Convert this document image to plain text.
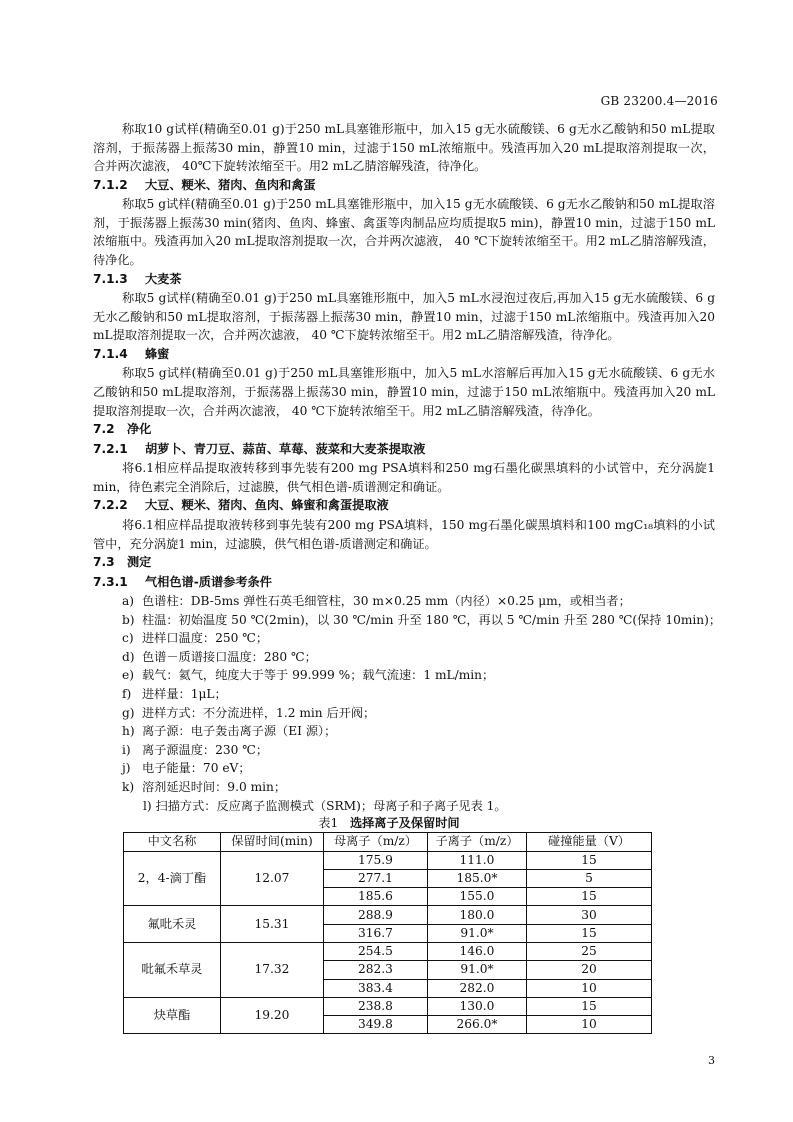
GB 23200.4—2016

称取10 g试样(精确至0.01 g)于250 mL具塞锥形瓶中，加入15 g无水硫酸镁、6 g无水乙酸钠和50 mL提取溶剂，于振荡器上振荡30 min，静置10 min，过滤于150 mL浓缩瓶中。残渣再加入20 mL提取溶剂提取一次，合并两次滤液， 40℃下旋转浓缩至干。用2 mL乙腈溶解残渣，待净化。

7.1.2 大豆、粳米、猪肉、鱼肉和禽蛋

称取5 g试样(精确至0.01 g)于250 mL具塞锥形瓶中，加入15 g无水硫酸镁、6 g无水乙酸钠和50 mL提取溶剂，于振荡器上振荡30 min(猪肉、鱼肉、蜂蜜、禽蛋等肉制品应均质提取5 min)，静置10 min，过滤于150 mL浓缩瓶中。残渣再加入20 mL提取溶剂提取一次，合并两次滤液， 40 ℃下旋转浓缩至干。用2 mL乙腈溶解残渣，待净化。

7.1.3 大麦茶

称取5 g试样(精确至0.01 g)于250 mL具塞锥形瓶中，加入5 mL水浸泡过夜后,再加入15 g无水硫酸镁、6 g无水乙酸钠和50 mL提取溶剂，于振荡器上振荡30 min，静置10 min，过滤于150 mL浓缩瓶中。残渣再加入20 mL提取溶剂提取一次，合并两次滤液， 40 ℃下旋转浓缩至干。用2 mL乙腈溶解残渣，待净化。

7.1.4 蜂蜜

称取5 g试样(精确至0.01 g)于250 mL具塞锥形瓶中，加入5 mL水溶解后再加入15 g无水硫酸镁、6 g无水乙酸钠和50 mL提取溶剂，于振荡器上振荡30 min，静置10 min，过滤于150 mL浓缩瓶中。残渣再加入20 mL提取溶剂提取一次，合并两次滤液， 40 ℃下旋转浓缩至干。用2 mL乙腈溶解残渣，待净化。

7.2 净化
7.2.1 胡萝卜、青刀豆、蒜苗、草莓、菠菜和大麦茶提取液

将6.1相应样品提取液转移到事先装有200 mg PSA填料和250 mg石墨化碳黑填料的小试管中，充分涡旋1 min，待色素完全消除后，过滤膜，供气相色谱-质谱测定和确证。

7.2.2 大豆、粳米、猪肉、鱼肉、蜂蜜和禽蛋提取液

将6.1相应样品提取液转移到事先装有200 mg PSA填料，150 mg石墨化碳黑填料和100 mgC₁₈填料的小试管中，充分涡旋1 min，过滤膜，供气相色谱-质谱测定和确证。

7.3 测定
7.3.1 气相色谱-质谱参考条件
a) 色谱柱：DB-5ms 弹性石英毛细管柱，30 m×0.25 mm（内径）×0.25 μm，或相当者；
b) 柱温：初始温度 50 ℃(2min)，以 30 ℃/min 升至 180 ℃，再以 5 ℃/min 升至 280 ℃(保持 10min)；
c) 进样口温度：250 ℃；
d) 色谱－质谱接口温度：280 ℃；
e) 载气：氦气，纯度大于等于 99.999 %；载气流速：1 mL/min；
f) 进样量：1μL；
g) 进样方式：不分流进样，1.2 min 后开阀；
h) 离子源：电子轰击离子源（EI 源）；
i) 离子源温度：230 ℃；
j) 电子能量：70 eV；
k) 溶剂延迟时间：9.0 min；
l) 扫描方式：反应离子监测模式（SRM)；母离子和子离子见表 1。
表1 选择离子及保留时间
中文名称	保留时间(min)	母离子（m/z）	子离子（m/z）	碰撞能量（V）
2，4-滴丁酯	12.07	175.9	111.0	15
		277.1	185.0*	5
		185.6	155.0	15
氟吡禾灵	15.31	288.9	180.0	30
		316.7	91.0*	15
吡氟禾草灵	17.32	254.5	146.0	25
		282.3	91.0*	20
		383.4	282.0	10
炔草酯	19.20	238.8	130.0	15
		349.8	266.0*	10
3
